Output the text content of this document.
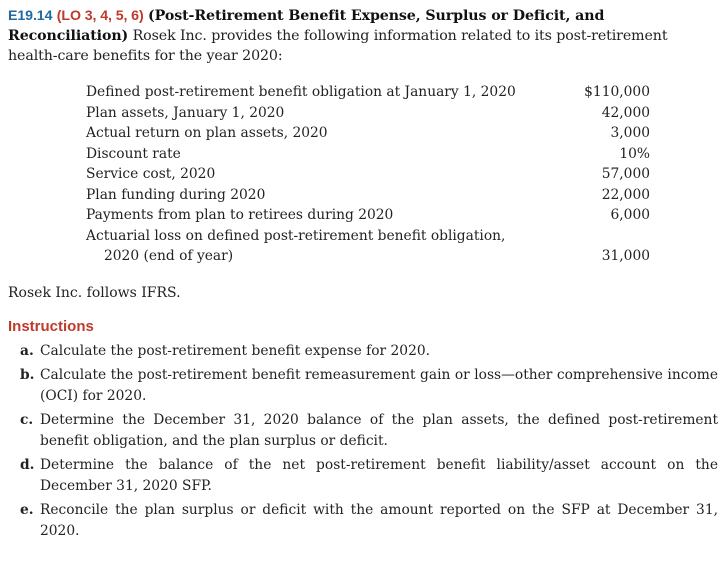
E19.14 (LO 3, 4, 5, 6) (Post-Retirement Benefit Expense, Surplus or Deficit, and Reconciliation) Rosek Inc. provides the following information related to its post-retirement health-care benefits for the year 2020:

Defined post-retirement benefit obligation at January 1, 2020	$110,000
Plan assets, January 1, 2020	42,000
Actual return on plan assets, 2020	3,000
Discount rate	10%
Service cost, 2020	57,000
Plan funding during 2020	22,000
Payments from plan to retirees during 2020	6,000

Actuarial loss on defined post-retirement benefit obligation,
2020 (end of year)	31,000

Rosek Inc. follows IFRS.

Instructions
a. Calculate the post-retirement benefit expense for 2020.
b. Calculate the post-retirement benefit remeasurement gain or loss—other comprehensive income (OCI) for 2020.
c. Determine the December 31, 2020 balance of the plan assets, the defined post-retirement benefit obligation, and the plan surplus or deficit.
d. Determine the balance of the net post-retirement benefit liability/asset account on the December 31, 2020 SFP.
e. Reconcile the plan surplus or deficit with the amount reported on the SFP at December 31, 2020.
